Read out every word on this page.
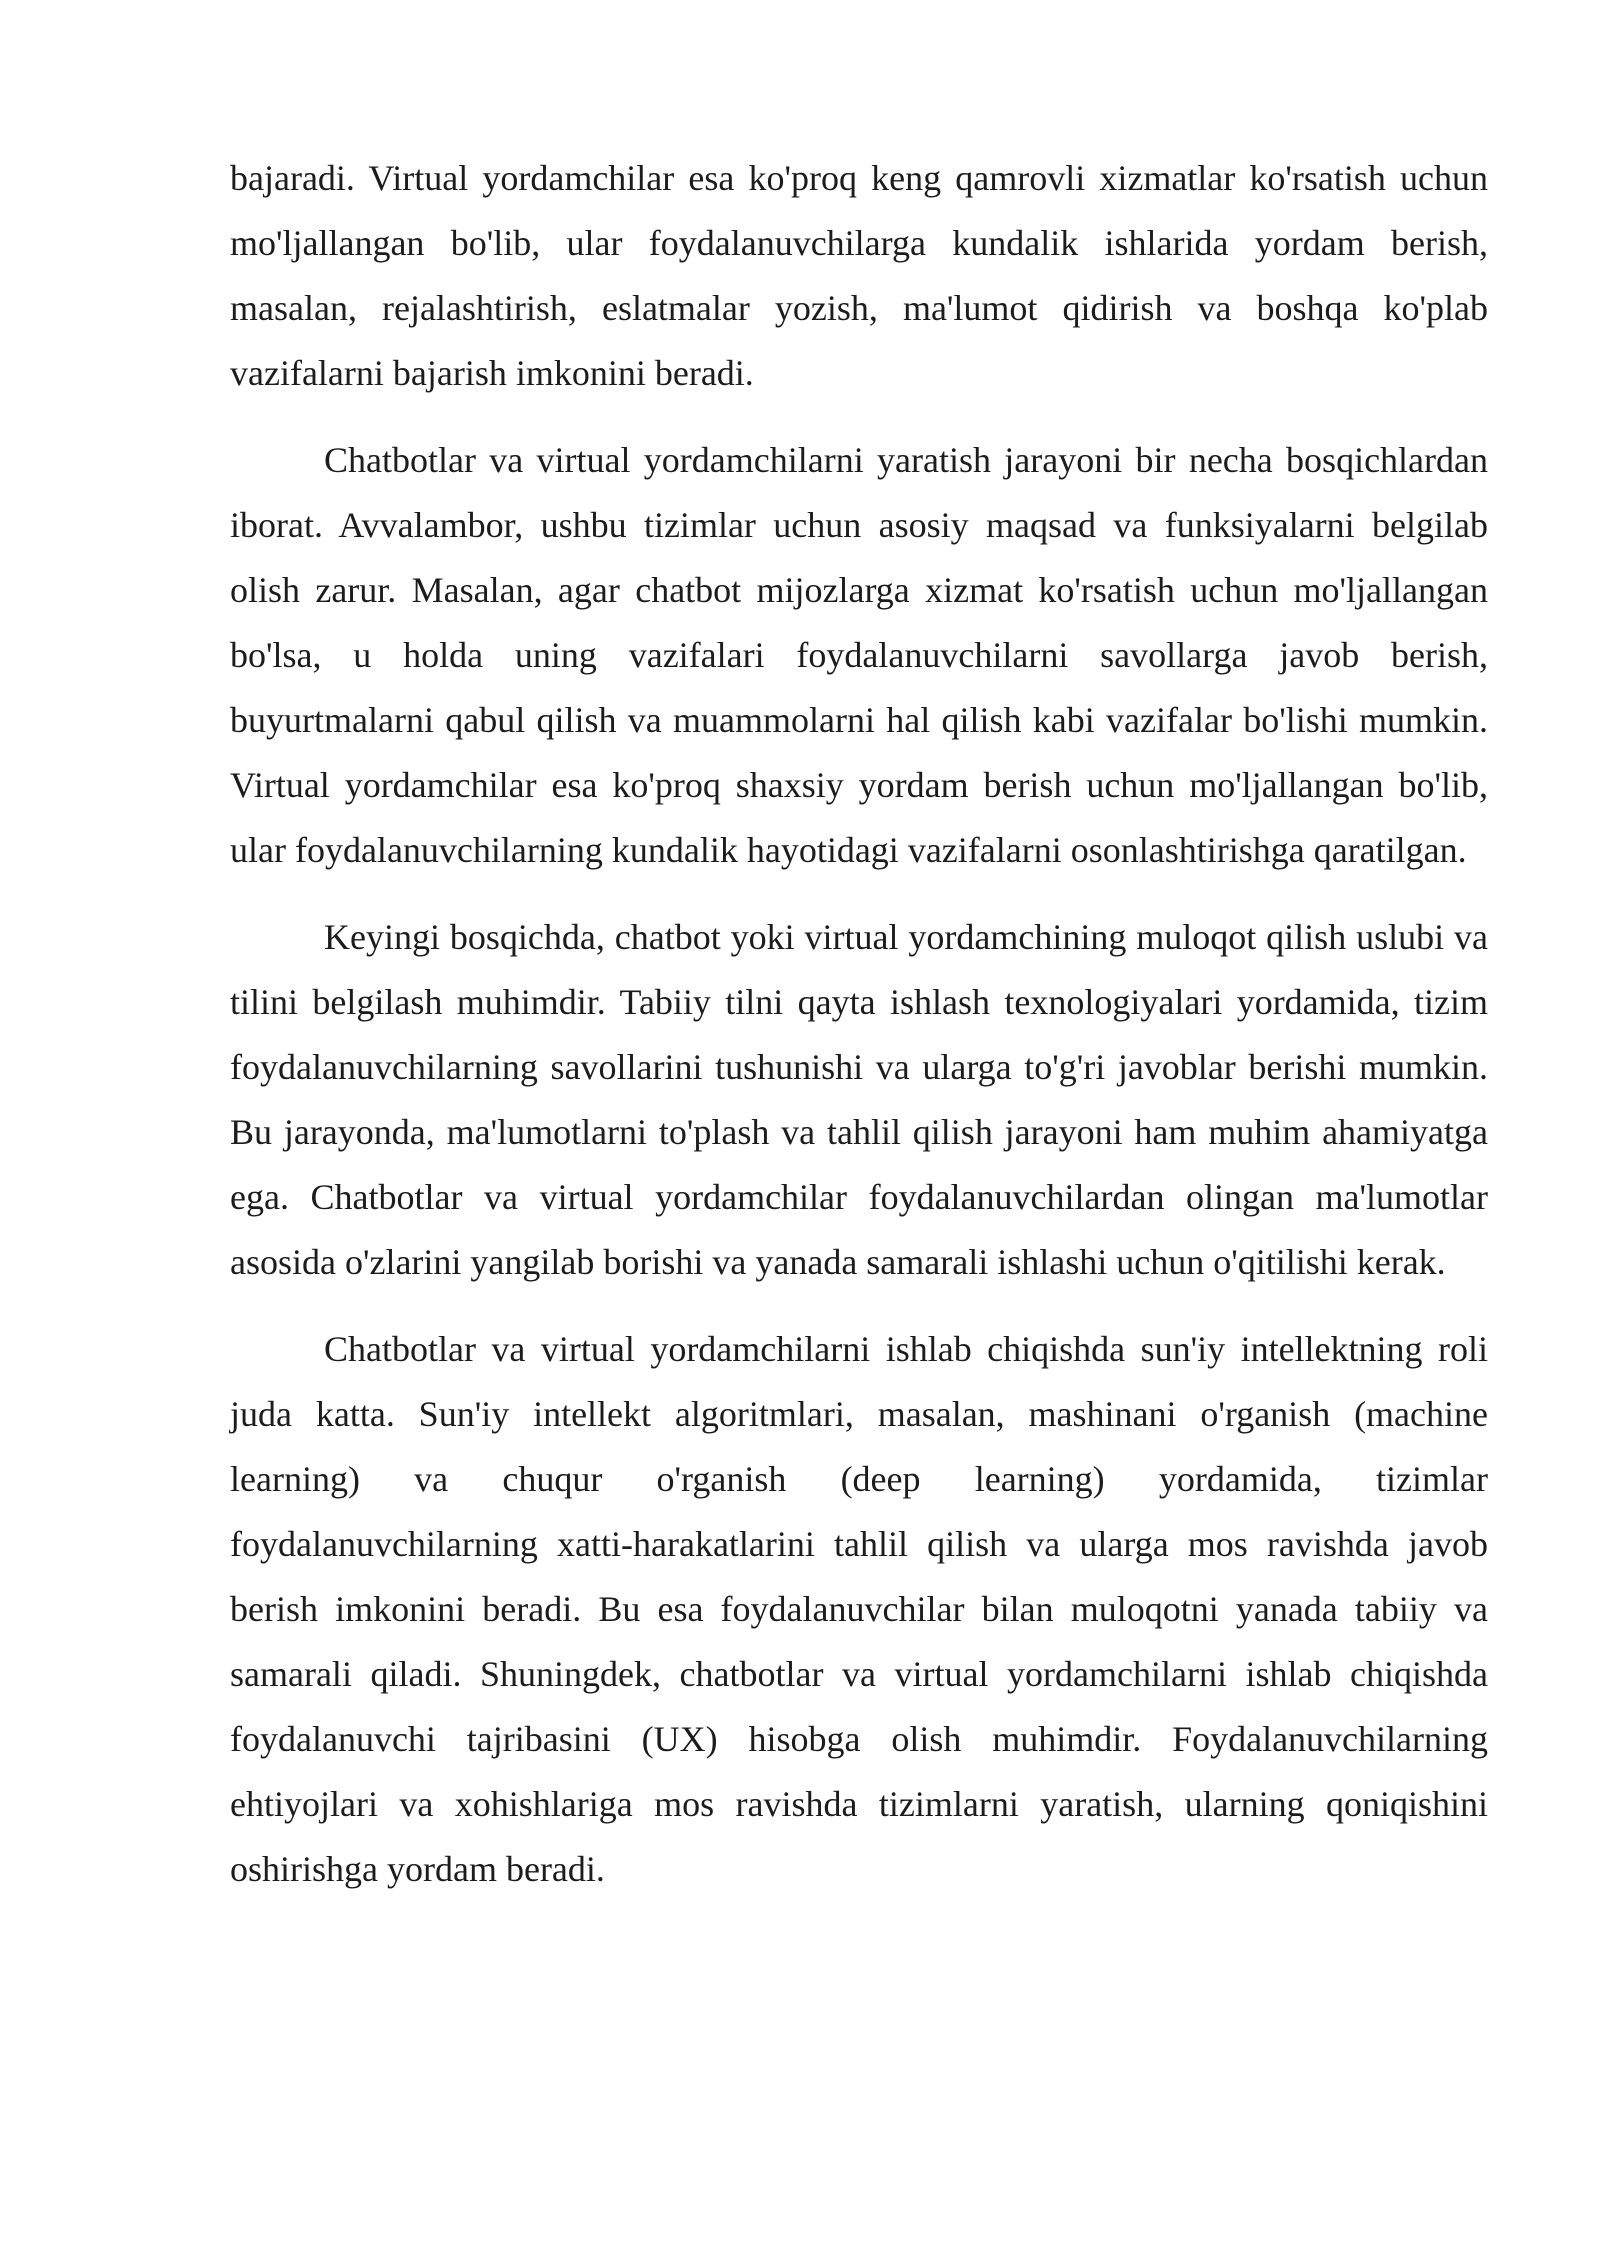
bajaradi. Virtual yordamchilar esa ko'proq keng qamrovli xizmatlar ko'rsatish uchun mo'ljallangan bo'lib, ular foydalanuvchilarga kundalik ishlarida yordam berish, masalan, rejalashtirish, eslatmalar yozish, ma'lumot qidirish va boshqa ko'plab vazifalarni bajarish imkonini beradi.

Chatbotlar va virtual yordamchilarni yaratish jarayoni bir necha bosqichlardan iborat. Avvalambor, ushbu tizimlar uchun asosiy maqsad va funksiyalarni belgilab olish zarur. Masalan, agar chatbot mijozlarga xizmat ko'rsatish uchun mo'ljallangan bo'lsa, u holda uning vazifalari foydalanuvchilarni savollarga javob berish, buyurtmalarni qabul qilish va muammolarni hal qilish kabi vazifalar bo'lishi mumkin. Virtual yordamchilar esa ko'proq shaxsiy yordam berish uchun mo'ljallangan bo'lib, ular foydalanuvchilarning kundalik hayotidagi vazifalarni osonlashtirishga qaratilgan.

Keyingi bosqichda, chatbot yoki virtual yordamchining muloqot qilish uslubi va tilini belgilash muhimdir. Tabiiy tilni qayta ishlash texnologiyalari yordamida, tizim foydalanuvchilarning savollarini tushunishi va ularga to'g'ri javoblar berishi mumkin. Bu jarayonda, ma'lumotlarni to'plash va tahlil qilish jarayoni ham muhim ahamiyatga ega. Chatbotlar va virtual yordamchilar foydalanuvchilardan olingan ma'lumotlar asosida o'zlarini yangilab borishi va yanada samarali ishlashi uchun o'qitilishi kerak.

Chatbotlar va virtual yordamchilarni ishlab chiqishda sun'iy intellektning roli juda katta. Sun'iy intellekt algoritmlari, masalan, mashinani o'rganish (machine learning) va chuqur o'rganish (deep learning) yordamida, tizimlar foydalanuvchilarning xatti-harakatlarini tahlil qilish va ularga mos ravishda javob berish imkonini beradi. Bu esa foydalanuvchilar bilan muloqotni yanada tabiiy va samarali qiladi. Shuningdek, chatbotlar va virtual yordamchilarni ishlab chiqishda foydalanuvchi tajribasini (UX) hisobga olish muhimdir. Foydalanuvchilarning ehtiyojlari va xohishlariga mos ravishda tizimlarni yaratish, ularning qoniqishini oshirishga yordam beradi.
